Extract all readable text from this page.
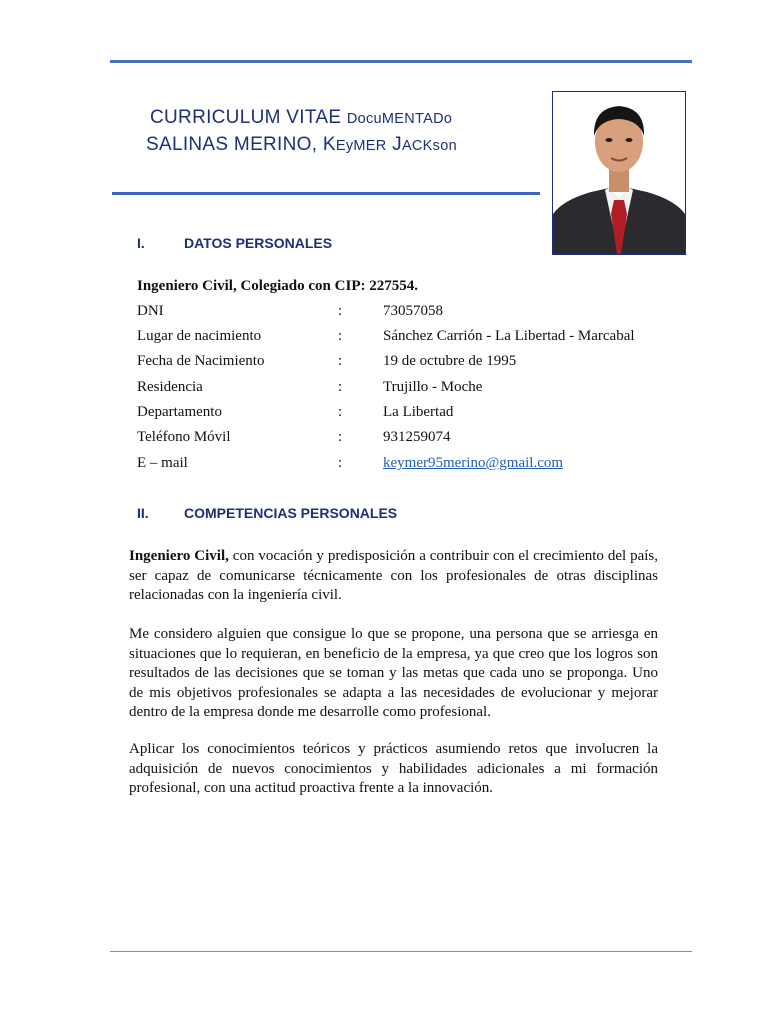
CURRICULUM VITAE DocuMENTADo
SALINAS MERINO, KEyMER JACKson
I.	DATOS PERSONALES
Ingeniero Civil, Colegiado con CIP: 227554.
DNI	:	73057058
Lugar de nacimiento	:	Sánchez Carrión - La Libertad - Marcabal
Fecha de Nacimiento	:	19 de octubre de 1995
Residencia	:	Trujillo - Moche
Departamento	:	La Libertad
Teléfono Móvil	:	931259074
E – mail	:	keymer95merino@gmail.com
II.	COMPETENCIAS PERSONALES
Ingeniero Civil, con vocación y predisposición a contribuir con el crecimiento del país, ser capaz de comunicarse técnicamente con los profesionales de otras disciplinas relacionadas con la ingeniería civil.
Me considero alguien que consigue lo que se propone, una persona que se arriesga en situaciones que lo requieran, en beneficio de la empresa, ya que creo que los logros son resultados de las decisiones que se toman y las metas que cada uno se proponga. Uno de mis objetivos profesionales se adapta a las necesidades de evolucionar y mejorar dentro de la empresa donde me desarrolle como profesional.
Aplicar los conocimientos teóricos y prácticos asumiendo retos que involucren la adquisición de nuevos conocimientos y habilidades adicionales a mi formación profesional, con una actitud proactiva frente a la innovación.
